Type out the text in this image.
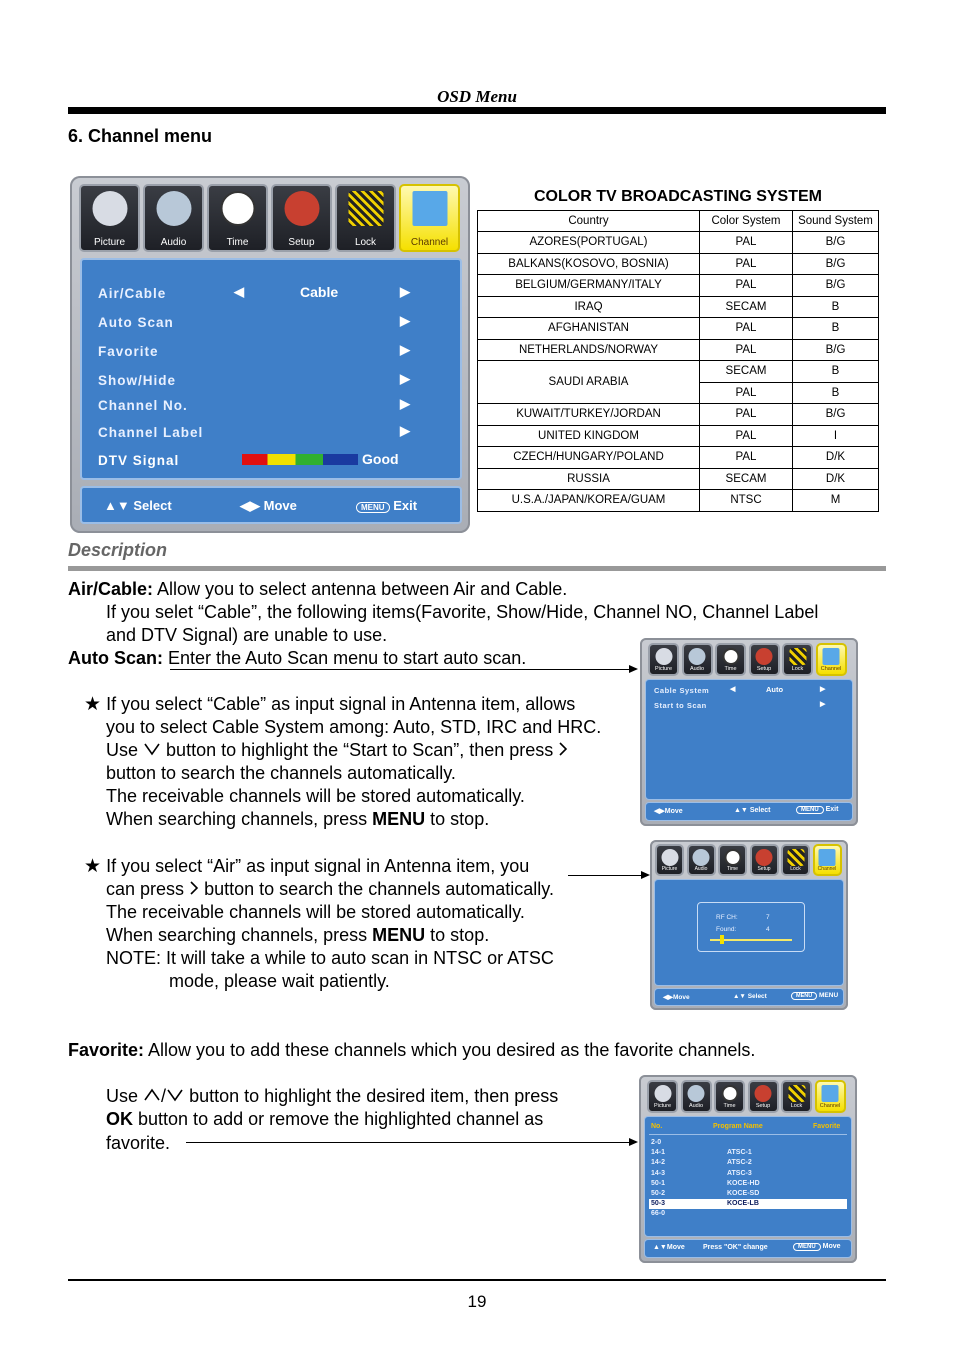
OSD Menu
6. Channel menu
Picture	Audio	Time	Setup	Lock	Channel
Air/Cable	◀	Cable	▶
Auto Scan	▶
Favorite	▶
Show/Hide	▶
Channel No.	▶
Channel Label	▶
DTV Signal	Good
▲▼ Select	◀▶ Move	MENU Exit
COLOR TV BROADCASTING SYSTEM
Country	Color System	Sound System
AZORES(PORTUGAL)	PAL	B/G
BALKANS(KOSOVO, BOSNIA)	PAL	B/G
BELGIUM/GERMANY/ITALY	PAL	B/G
IRAQ	SECAM	B
AFGHANISTAN	PAL	B
NETHERLANDS/NORWAY	PAL	B/G
SAUDI ARABIA	SECAM	B
	PAL	B
KUWAIT/TURKEY/JORDAN	PAL	B/G
UNITED KINGDOM	PAL	I
CZECH/HUNGARY/POLAND	PAL	D/K
RUSSIA	SECAM	D/K
U.S.A./JAPAN/KOREA/GUAM	NTSC	M
Description
Air/Cable: Allow you to select antenna between Air and Cable.
If you selet “Cable”, the following items(Favorite, Show/Hide, Channel NO, Channel Label
and DTV Signal) are unable to use.
Auto Scan: Enter the Auto Scan menu to start auto scan.
★ If you select “Cable” as input signal in Antenna item, allows
you to select Cable System among: Auto, STD, IRC and HRC.
Use button to highlight the “Start to Scan”, then press
button to search the channels automatically.
The receivable channels will be stored automatically.
When searching channels, press MENU to stop.
★ If you select “Air” as input signal in Antenna item, you
can press button to search the channels automatically.
The receivable channels will be stored automatically.
When searching channels, press MENU to stop.
NOTE: It will take a while to auto scan in NTSC or ATSC
mode, please wait patiently.
Favorite: Allow you to add these channels which you desired as the favorite channels.
Use / button to highlight the desired item, then press
OK button to add or remove the highlighted channel as
favorite.
Picture	Audio	Time	Setup	Lock	Channel
Cable System	◀	Auto	▶
Start to Scan	▶
◀▶Move	▲▼ Select	MENU Exit
Picture	Audio	Time	Setup	Lock	Channel
RF CH:	7
Found:	4
◀▶Move	▲▼ Select	MENU MENU
Picture	Audio	Time	Setup	Lock	Channel
No.	Program Name	Favorite
2-0
14-1	ATSC-1
14-2	ATSC-2
14-3	ATSC-3
50-1	KOCE-HD
50-2	KOCE-SD
50-3	KOCE-LB
66-0
▲▼Move	Press "OK" change	MENU Move
19
